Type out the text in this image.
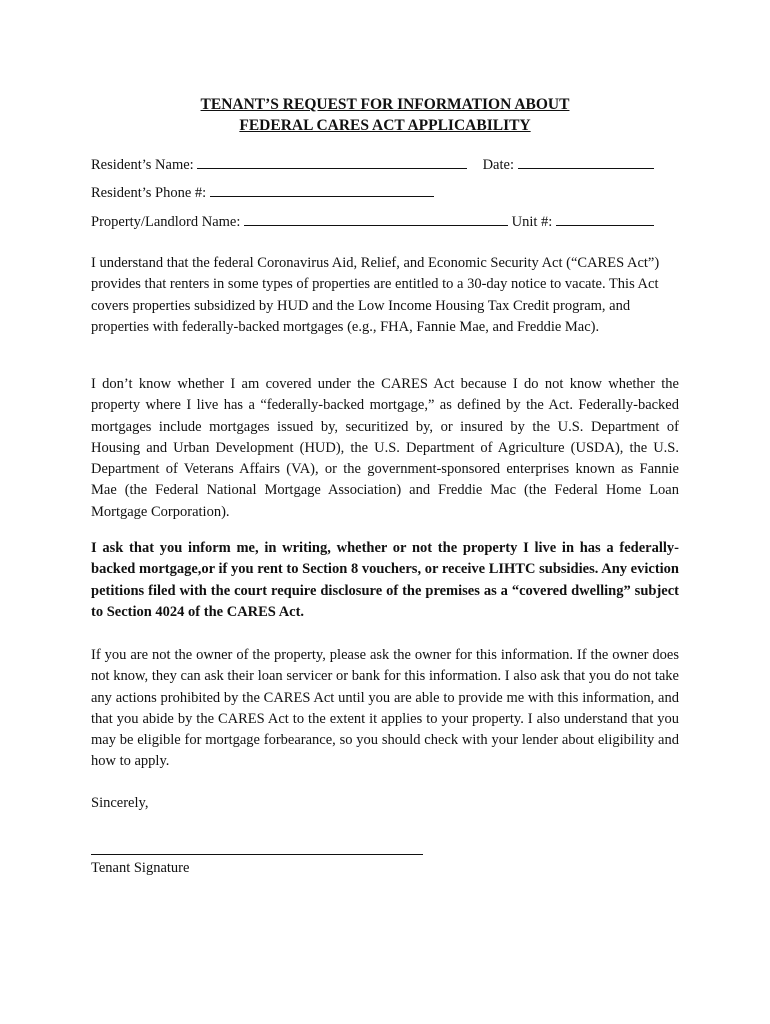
TENANT’S REQUEST FOR INFORMATION ABOUT
FEDERAL CARES ACT APPLICABILITY
Resident’s Name:	Date:
Resident’s Phone #:
Property/Landlord Name:	Unit #:

I understand that the federal Coronavirus Aid, Relief, and Economic Security Act (“CARES Act”) provides that renters in some types of properties are entitled to a 30-day notice to vacate. This Act covers properties subsidized by HUD and the Low Income Housing Tax Credit program, and properties with federally-backed mortgages (e.g., FHA, Fannie Mae, and Freddie Mac).

I don’t know whether I am covered under the CARES Act because I do not know whether the property where I live has a “federally-backed mortgage,” as defined by the Act. Federally-backed mortgages include mortgages issued by, securitized by, or insured by the U.S. Department of Housing and Urban Development (HUD), the U.S. Department of Agriculture (USDA), the U.S. Department of Veterans Affairs (VA), or the government-sponsored enterprises known as Fannie Mae (the Federal National Mortgage Association) and Freddie Mac (the Federal Home Loan Mortgage Corporation).

I ask that you inform me, in writing, whether or not the property I live in has a federally-backed mortgage,or if you rent to Section 8 vouchers, or receive LIHTC subsidies. Any eviction petitions filed with the court require disclosure of the premises as a “covered dwelling” subject to Section 4024 of the CARES Act.

If you are not the owner of the property, please ask the owner for this information. If the owner does not know, they can ask their loan servicer or bank for this information. I also ask that you do not take any actions prohibited by the CARES Act until you are able to provide me with this information, and that you abide by the CARES Act to the extent it applies to your property. I also understand that you may be eligible for mortgage forbearance, so you should check with your lender about eligibility and how to apply.

Sincerely,
Tenant Signature
